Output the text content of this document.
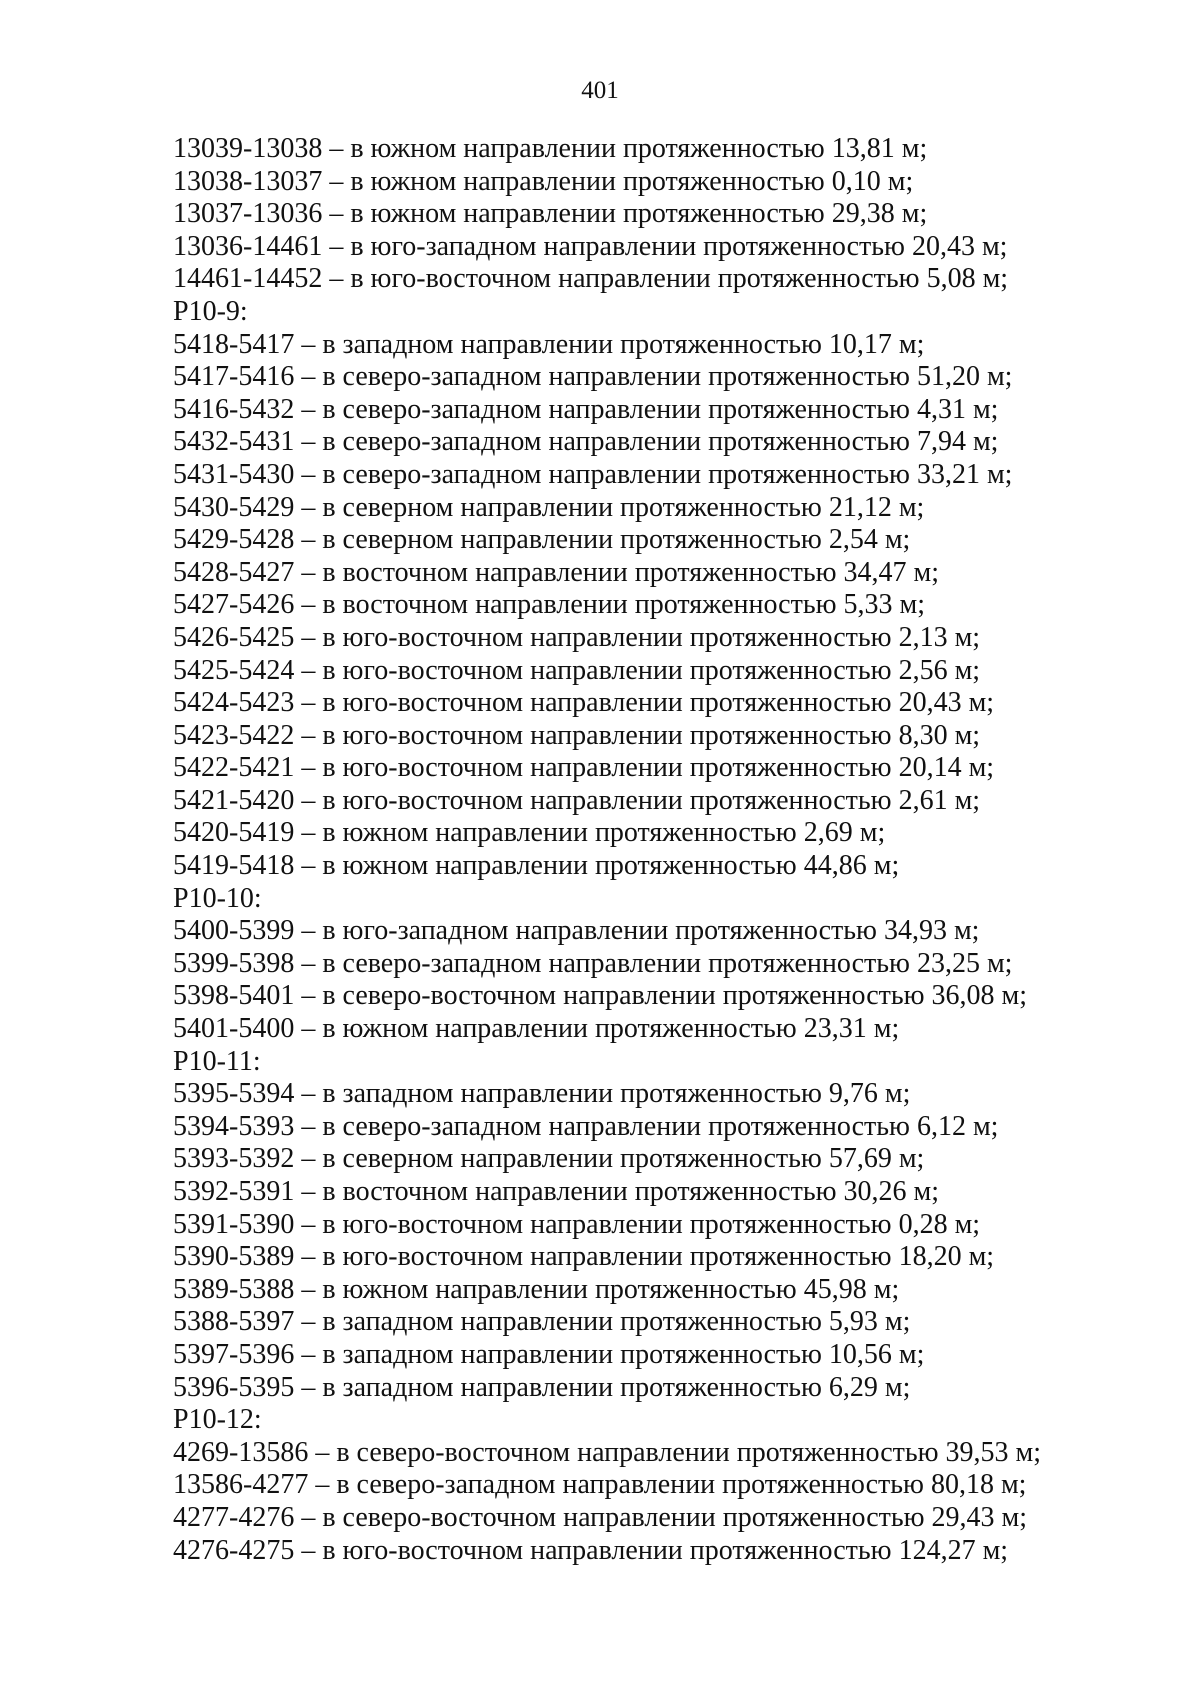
401
13039-13038 – в южном направлении протяженностью 13,81 м;
13038-13037 – в южном направлении протяженностью 0,10 м;
13037-13036 – в южном направлении протяженностью 29,38 м;
13036-14461 – в юго-западном направлении протяженностью 20,43 м;
14461-14452 – в юго-восточном направлении протяженностью 5,08 м;
Р10-9:
5418-5417 – в западном направлении протяженностью 10,17 м;
5417-5416 – в северо-западном направлении протяженностью 51,20 м;
5416-5432 – в северо-западном направлении протяженностью 4,31 м;
5432-5431 – в северо-западном направлении протяженностью 7,94 м;
5431-5430 – в северо-западном направлении протяженностью 33,21 м;
5430-5429 – в северном направлении протяженностью 21,12 м;
5429-5428 – в северном направлении протяженностью 2,54 м;
5428-5427 – в восточном направлении протяженностью 34,47 м;
5427-5426 – в восточном направлении протяженностью 5,33 м;
5426-5425 – в юго-восточном направлении протяженностью 2,13 м;
5425-5424 – в юго-восточном направлении протяженностью 2,56 м;
5424-5423 – в юго-восточном направлении протяженностью 20,43 м;
5423-5422 – в юго-восточном направлении протяженностью 8,30 м;
5422-5421 – в юго-восточном направлении протяженностью 20,14 м;
5421-5420 – в юго-восточном направлении протяженностью 2,61 м;
5420-5419 – в южном направлении протяженностью 2,69 м;
5419-5418 – в южном направлении протяженностью 44,86 м;
Р10-10:
5400-5399 – в юго-западном направлении протяженностью 34,93 м;
5399-5398 – в северо-западном направлении протяженностью 23,25 м;
5398-5401 – в северо-восточном направлении протяженностью 36,08 м;
5401-5400 – в южном направлении протяженностью 23,31 м;
Р10-11:
5395-5394 – в западном направлении протяженностью 9,76 м;
5394-5393 – в северо-западном направлении протяженностью 6,12 м;
5393-5392 – в северном направлении протяженностью 57,69 м;
5392-5391 – в восточном направлении протяженностью 30,26 м;
5391-5390 – в юго-восточном направлении протяженностью 0,28 м;
5390-5389 – в юго-восточном направлении протяженностью 18,20 м;
5389-5388 – в южном направлении протяженностью 45,98 м;
5388-5397 – в западном направлении протяженностью 5,93 м;
5397-5396 – в западном направлении протяженностью 10,56 м;
5396-5395 – в западном направлении протяженностью 6,29 м;
Р10-12:
4269-13586 – в северо-восточном направлении протяженностью 39,53 м;
13586-4277 – в северо-западном направлении протяженностью 80,18 м;
4277-4276 – в северо-восточном направлении протяженностью 29,43 м;
4276-4275 – в юго-восточном направлении протяженностью 124,27 м;
